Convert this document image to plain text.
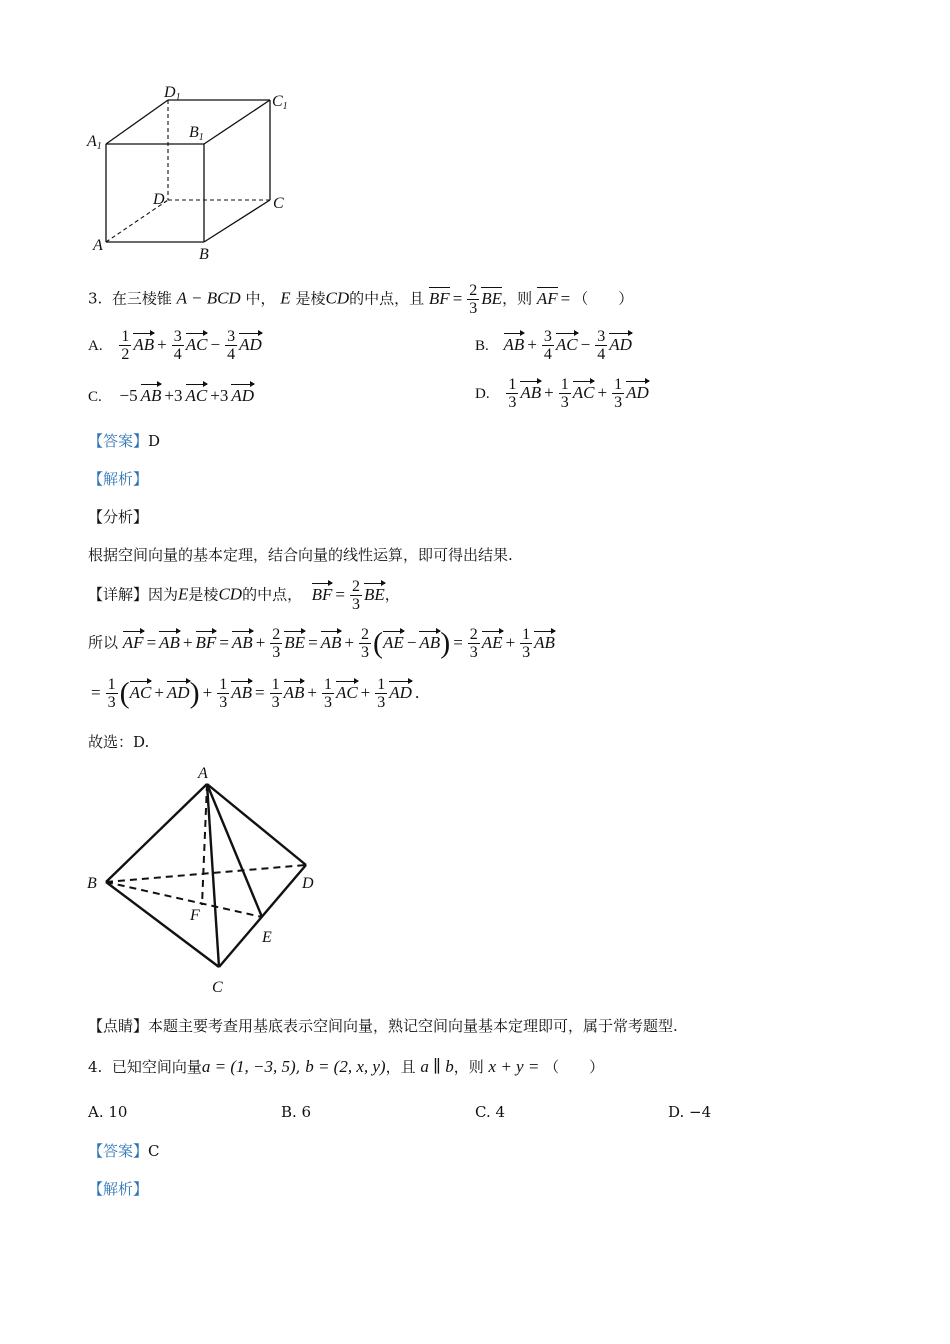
D1	C1
A1
B1
D	C
A
B
3. 在三棱锥 A − BCD 中， E 是棱CD的中点，且 BF = $\frac{2}{3}$ BE，则 AF = （　　）
A. $\frac{1}{2}$ AB + $\frac{3}{4}$ AC − $\frac{3}{4}$ AD	B. AB + $\frac{3}{4}$ AC − $\frac{3}{4}$ AD
C. −5 AB +3 AC +3 AD	D. $\frac{1}{3}$ AB + $\frac{1}{3}$ AC + $\frac{1}{3}$ AD
【答案】D
【解析】
【分析】
根据空间向量的基本定理，结合向量的线性运算，即可得出结果.
【详解】因为E是棱CD的中点， BF = $\frac{2}{3}$ BE，
所以 AF = AB + BF = AB + $\frac{2}{3}$ BE = AB + $\frac{2}{3} (AE - AB) = \frac{2}{3}$ AE + $\frac{1}{3}$ AB
= $\frac{1}{3} (AC + AD) + \frac{1}{3}$ AB = $\frac{1}{3}$ AB + $\frac{1}{3}$ AC + $\frac{1}{3}$ AD .
故选：D.
A
B	D
F
E
C
【点睛】本题主要考查用基底表示空间向量，熟记空间向量基本定理即可，属于常考题型.
4. 已知空间向量a = (1, −3, 5), b = (2, x, y)，且 a ∥ b，则 x + y = （　　）
A. 10	B. 6	C. 4	D. −4
【答案】C
【解析】
